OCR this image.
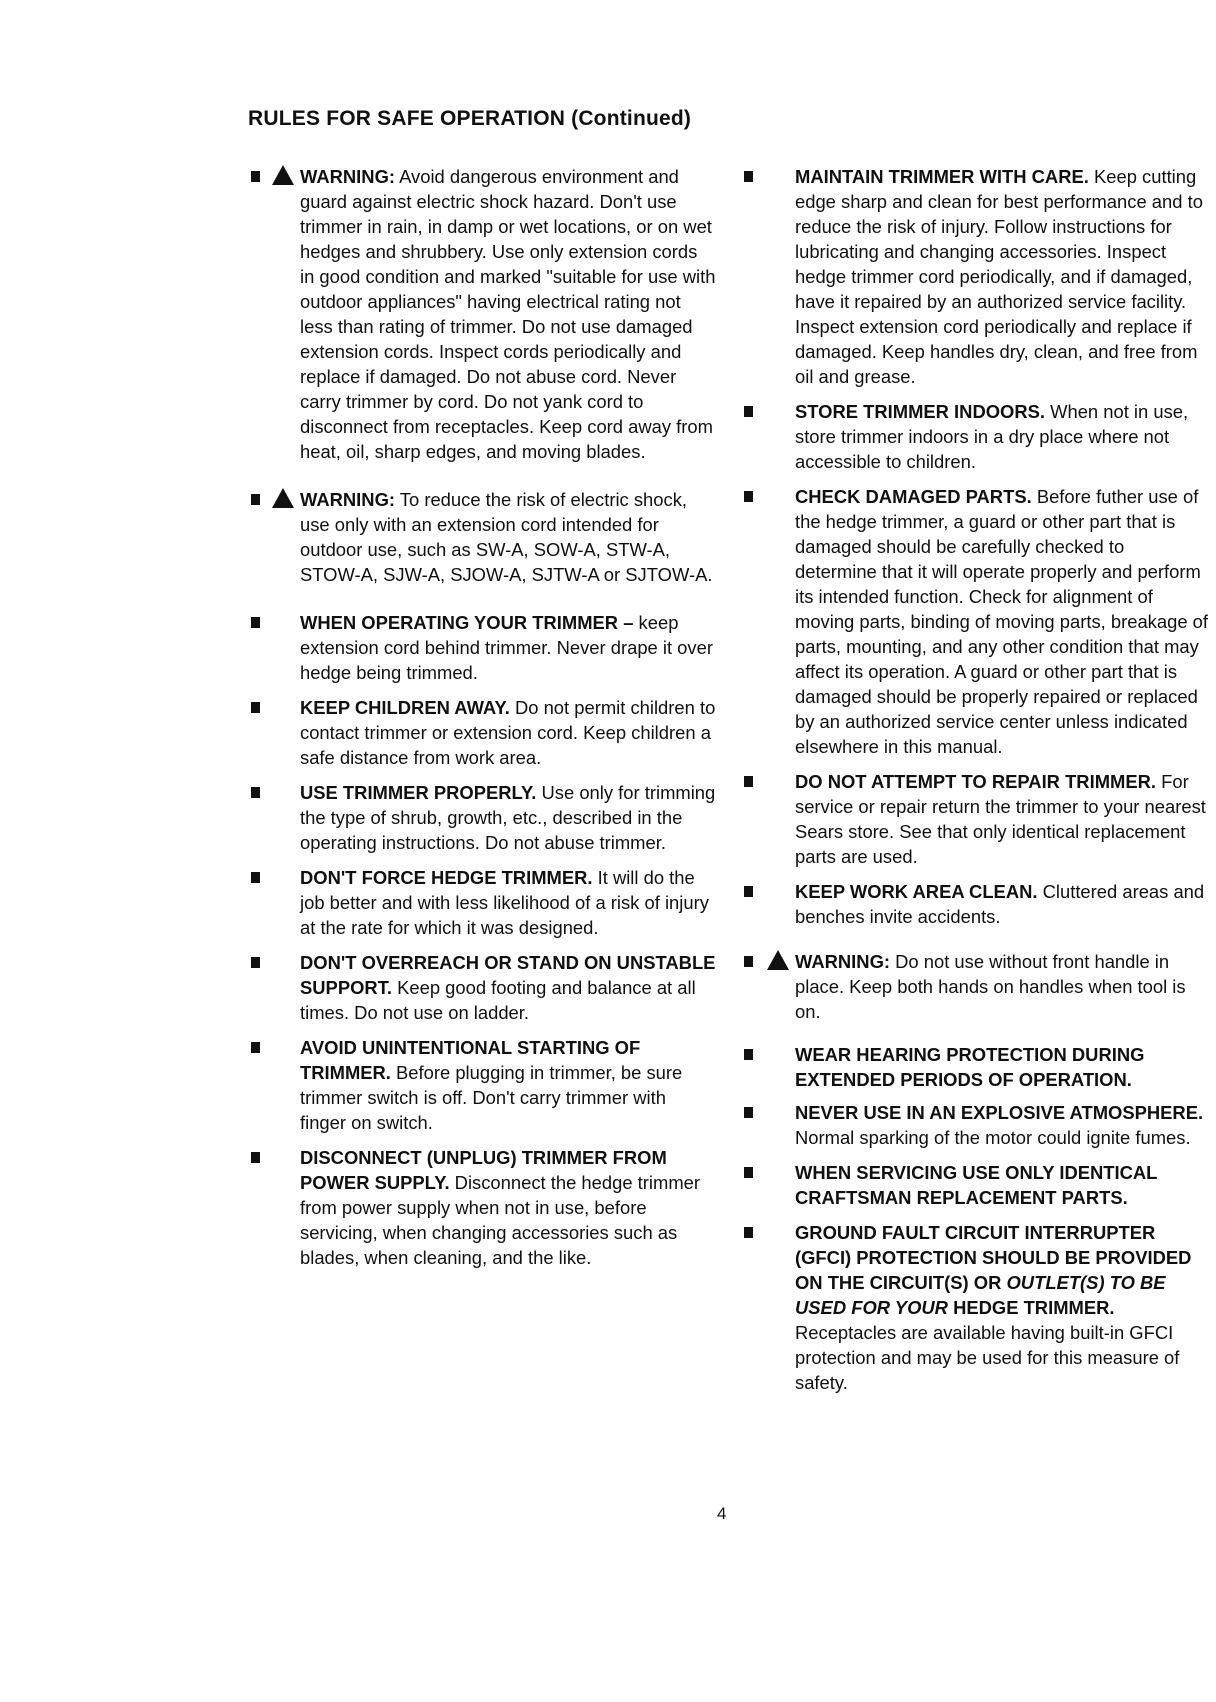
RULES FOR SAFE OPERATION (Continued)
WARNING: Avoid dangerous environment and guard against electric shock hazard. Don't use trimmer in rain, in damp or wet locations, or on wet hedges and shrubbery. Use only extension cords in good condition and marked "suitable for use with outdoor appliances" having electrical rating not less than rating of trimmer. Do not use damaged extension cords. Inspect cords periodically and replace if damaged. Do not abuse cord. Never carry trimmer by cord. Do not yank cord to disconnect from receptacles. Keep cord away from heat, oil, sharp edges, and moving blades.
WARNING: To reduce the risk of electric shock, use only with an extension cord intended for outdoor use, such as SW-A, SOW-A, STW-A, STOW-A, SJW-A, SJOW-A, SJTW-A or SJTOW-A.
WHEN OPERATING YOUR TRIMMER – keep extension cord behind trimmer. Never drape it over hedge being trimmed.
KEEP CHILDREN AWAY. Do not permit children to contact trimmer or extension cord. Keep children a safe distance from work area.
USE TRIMMER PROPERLY. Use only for trimming the type of shrub, growth, etc., described in the operating instructions. Do not abuse trimmer.
DON'T FORCE HEDGE TRIMMER. It will do the job better and with less likelihood of a risk of injury at the rate for which it was designed.
DON'T OVERREACH OR STAND ON UNSTABLE SUPPORT. Keep good footing and balance at all times. Do not use on ladder.
AVOID UNINTENTIONAL STARTING OF TRIMMER. Before plugging in trimmer, be sure trimmer switch is off. Don't carry trimmer with finger on switch.
DISCONNECT (UNPLUG) TRIMMER FROM POWER SUPPLY. Disconnect the hedge trimmer from power supply when not in use, before servicing, when changing accessories such as blades, when cleaning, and the like.
MAINTAIN TRIMMER WITH CARE. Keep cutting edge sharp and clean for best performance and to reduce the risk of injury. Follow instructions for lubricating and changing accessories. Inspect hedge trimmer cord periodically, and if damaged, have it repaired by an authorized service facility. Inspect extension cord periodically and replace if damaged. Keep handles dry, clean, and free from oil and grease.
STORE TRIMMER INDOORS. When not in use, store trimmer indoors in a dry place where not accessible to children.
CHECK DAMAGED PARTS. Before futher use of the hedge trimmer, a guard or other part that is damaged should be carefully checked to determine that it will operate properly and perform its intended function. Check for alignment of moving parts, binding of moving parts, breakage of parts, mounting, and any other condition that may affect its operation. A guard or other part that is damaged should be properly repaired or replaced by an authorized service center unless indicated elsewhere in this manual.
DO NOT ATTEMPT TO REPAIR TRIMMER. For service or repair return the trimmer to your nearest Sears store. See that only identical replacement parts are used.
KEEP WORK AREA CLEAN. Cluttered areas and benches invite accidents.
WARNING: Do not use without front handle in place. Keep both hands on handles when tool is on.
WEAR HEARING PROTECTION DURING EXTENDED PERIODS OF OPERATION.
NEVER USE IN AN EXPLOSIVE ATMOSPHERE. Normal sparking of the motor could ignite fumes.
WHEN SERVICING USE ONLY IDENTICAL CRAFTSMAN REPLACEMENT PARTS.
GROUND FAULT CIRCUIT INTERRUPTER (GFCI) PROTECTION SHOULD BE PROVIDED ON THE CIRCUIT(S) OR OUTLET(S) TO BE USED FOR YOUR HEDGE TRIMMER. Receptacles are available having built-in GFCI protection and may be used for this measure of safety.
4
